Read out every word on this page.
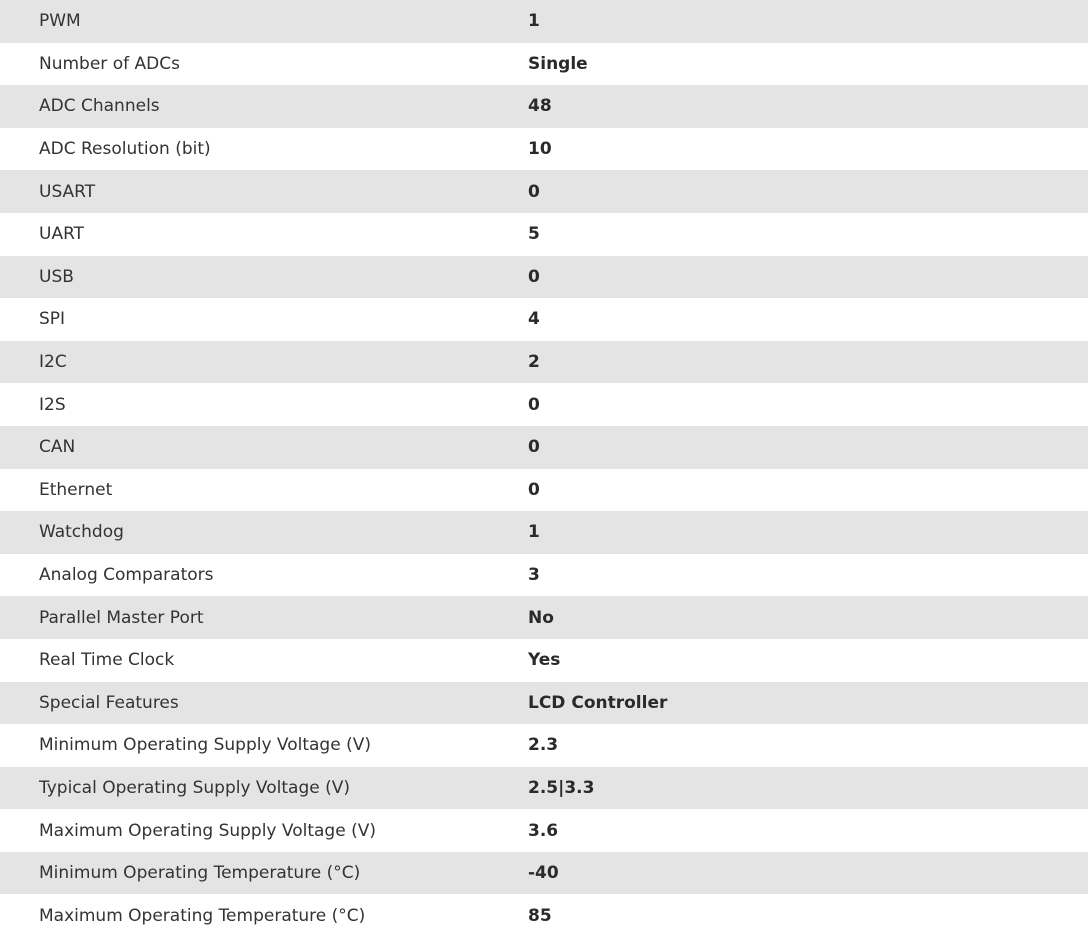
PWM	1
Number of ADCs	Single
ADC Channels	48
ADC Resolution (bit)	10
USART	0
UART	5
USB	0
SPI	4
I2C	2
I2S	0
CAN	0
Ethernet	0
Watchdog	1
Analog Comparators	3
Parallel Master Port	No
Real Time Clock	Yes
Special Features	LCD Controller
Minimum Operating Supply Voltage (V)	2.3
Typical Operating Supply Voltage (V)	2.5|3.3
Maximum Operating Supply Voltage (V)	3.6
Minimum Operating Temperature (°C)	-40
Maximum Operating Temperature (°C)	85
